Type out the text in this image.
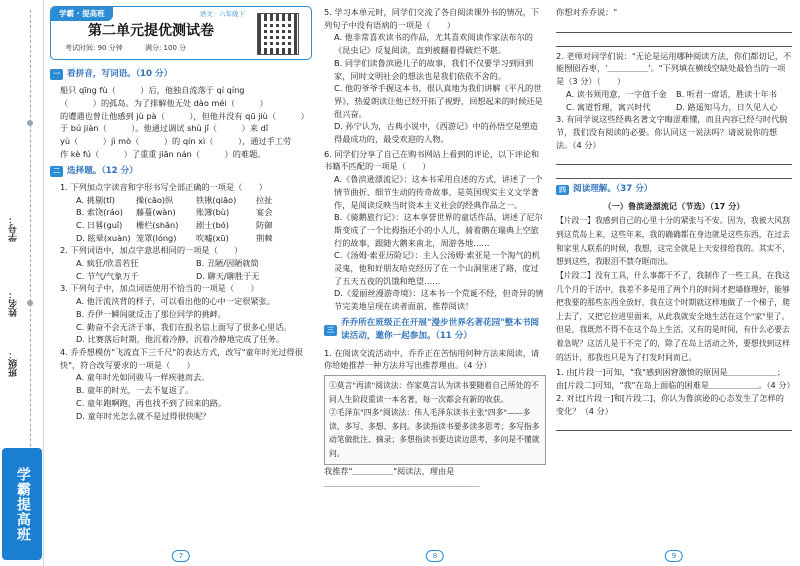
学号：
姓名：
班级：
学霸提高班
学霸 · 提高班	语文 · 六年级下
第二单元提优测试卷
考试时间: 90 分钟	满分: 100 分
一 看拼音，写词语。（10 分）

船只 qīng fù（　　　）后，他独自流落于 qí qíng

（　　　）的孤岛。为了排解他无处 dào méi（　　　）

的遭遇也曾让他感到 jù pà（　　　），但他并没有 qū jiù（　　　）

于 bú jiàn（　　　）。他通过调试 shù jǐ（　　　）来 dǐ

yù（　　　）jì mò（　　　）的 qín xì（　　　），通过手工劳

作 kè fú（　　　）了重重 jiān nán（　　　）的难题。

二 选择题。（12 分）

1. 下列加点字读音和字形书写全部正确的一项是（　　）

A. 挑剔(tī)	操(cāo)纵	铁锹(qiāo)	拉扯
B. 索饶(ráo)	藤蔓(wàn)	账簿(bù)	宴会
C. 日晷(guǐ)	栅栏(shān)	剧士(bó)	防御
D. 眩晕(xuàn) 笼罩(lóng)	吹嘘(xū)	荆棘

2. 下列词语中，加点字意思相同的一项是（　　）

A. 疯狂/欣喜若狂	B. 丑陋/因陋就简
C. 节气/气象万千	D. 聊天/聊胜于无

3. 下列句子中，加点词语使用不恰当的一项是（　　）

A. 他汗流浃背的样子，可以看出他的心中一定很紧张。

B. 乔伊一瞬间就反击了那位同学的挑衅。

C. 勤奋不会无济于事，我们在报名信上面写了很多心里话。

D. 比赛落后时期，他沉着冷静，沉着冷静地完成了任务。

4. 乔乔想模仿"飞流直下三千尺"的表达方式，改写"童年时光过得很快"，符合改写要求的一项是（　　）

A. 童年时光如同骏马一样疾驰而去。

B. 童年的时光，一去不复返了。

C. 童年跑啊跑，再也找不到了回来的路。

D. 童年时光怎么就不是过得很快呢？

7

5. 学习本单元时，同学们交流了各自阅读课外书的情况，下列句子中没有语病的一项是（　　）

A. 他非常喜欢读书的作品，尤其喜欢阅读作家法布尔的《昆虫记》反复阅读，直到被翻着得破烂不堪。

B. 同学们读鲁滨逊儿子的故事，我们不仅要学习到回到家，同时文明社会的想法也是我们依依不舍的。

C. 他的爷爷手握这本书，很认真地为我们讲解《平凡的世界》，热爱朗读让他已经开拓了视野，回想起来的时候还是很兴奋。

D. 孙宁认为，古典小说中，《西游记》中的孙悟空是塑造得最成功的，最受欢迎的人物。

6. 同学们分享了自己在购书网站上看到的评论，以下评论和书籍不匹配的一项是（　　）

A.《鲁滨逊漂流记》：这本书采用自述的方式，讲述了一个情节曲折、细节生动的传奇故事，是英国现实主义文学著作，是阅读反映当时资本主义社会的经典作品之一。

B.《骑鹅旅行记》：这本享誉世界的童话作品，讲述了尼尔斯变成了一个比拇指还小的小人儿，骑着鹅在瑞典上空旅行的故事，跟随大鹅来南北，周游各地……

C.《汤姆·索亚历险记》：主人公汤姆·索亚是一个淘气的机灵鬼，他和好朋友哈克经历了在一个山洞里迷了路，度过了五天五夜的饥饿和绝望……

D.《爱丽丝漫游奇境》：这本书一个荒诞不经，但奇异的情节完美地呈现在读者面前，推荐阅读！

三
乔乔所在班级正在开展"漫步世界名著花园"整本书阅读活动，邀你一起参加。（11 分）

1. 在阅读交流活动中，乔乔正在苦恼用何种方法来阅读，请你给她推荐一种方法并写出推荐理由。（4 分）

①莫言"再读"阅读法：作家莫言认为读书要随着自己所处的不同人生阶段重读一本名著，每一次都会有新的收获。

②毛泽东"四多"阅读法：伟人毛泽东读书主张"四多"——多读、多写、多想、多问。多读指读书要多读多思考；多写指多动笔做批注、摘录；多想指读书要边读边思考，多问是不懂就问。

我推荐"＿＿＿＿＿"阅读法，理由是

＿＿＿＿＿＿＿＿＿＿＿＿＿＿＿＿＿＿＿

8

你想对乔乔说："

2. 老师对同学们说："无论是运用哪种阅读方法，你们都切记，不能囫囵吞枣，'＿＿＿＿＿'。"下列填在横线空缺处最恰当的一项是（3 分）（　　）

A. 读书须用意，一字值千金	B. 听君一席话，胜读十年书
C. 寓道哲理，寓兴时代	D. 路遥知马力，日久见人心

3. 有同学说这些经典名著文字晦涩难懂，而且内容已经与时代脱节，我们没有阅读的必要。你认同这一说法吗？请说说你的想法。（4 分）

四 阅读理解。（37 分）
（一）鲁滨逊漂流记（节选）（17 分）

【片段一】我感到自己的心里十分的紧张与不安。因为，我被大风刮到这荒岛上来，这些年来，我的确确都在身边就是这些东西，在过去和家里人联系的时候，我想，这完全就是上天安排给我的。其实不，想到这些，我眼泪不禁夺眶而出。

【片段二】没有工具，什么事都干不了，我制作了一些工具，在我这几个月的干活中，我差不多是用了两个月的时间才把墙修理好，能够把我要的那些东西全放好，我在这个时期就这样地做了一个梯子，爬上去了，又把它拉进里面来，从此我就安全地生活在这个"家"里了。

但是，我既然不得不在这个岛上生活，又有的是时间，有什么必要去着急呢？这活儿是干不完了的，除了在岛上活动之外，要想找到这样的活计，那我也只是为了打发时间而已。

1. 由[片段一]可知，"我"感到困窘激愤的原因是＿＿＿＿＿＿；由[片段二]可知，"我"在岛上面临的困难是＿＿＿＿＿＿。（4 分）

2. 对比[片段一]和[片段二]，你认为鲁滨逊的心态发生了怎样的变化？（4 分）

9
